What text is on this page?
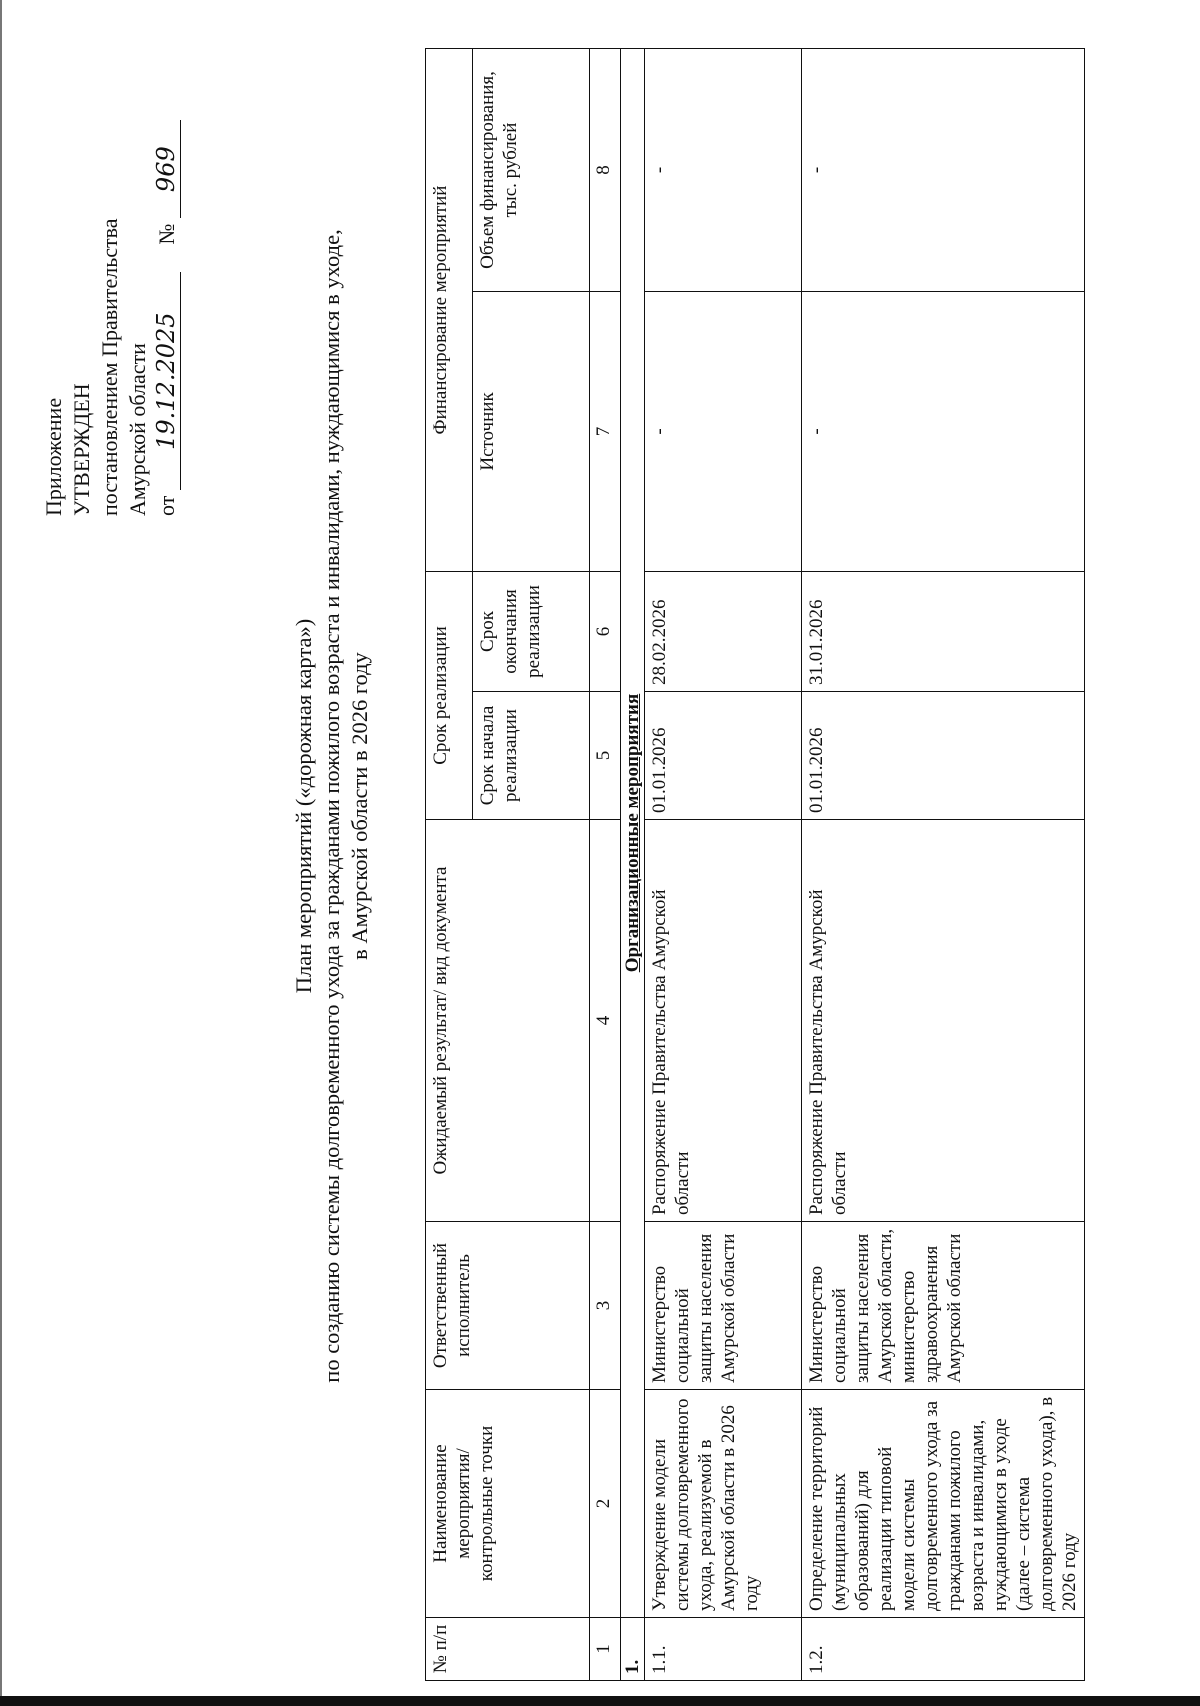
Приложение УТВЕРЖДЕН постановлением Правительства Амурской области от 19.12.2025     № 969
План мероприятий («дорожная карта») по созданию системы долговременного ухода за гражданами пожилого возраста и инвалидами, нуждающимися в уходе, в Амурской области в 2026 году
№ п/п	Наименование мероприятия/ контрольные точки	Ответственный исполнитель	Ожидаемый результат/ вид документа	Срок реализации		Финансирование мероприятий	
				Срок начала реализации	Срок окончания реализации	Источник	Объем финансирования, тыс. рублей
1	2	3	4	5	6	7	8
1.	Организационные мероприятия						
1.1.	Утверждение модели системы долговременного ухода, реализуемой в Амурской области в 2026 году	Министерство социальной защиты населения Амурской области	Распоряжение Правительства Амурской области	01.01.2026	28.02.2026	-	-
1.2.	Определение территорий (муниципальных образований) для реализации типовой модели системы долговременного ухода за гражданами пожилого возраста и инвалидами, нуждающимися в уходе (далее – система долговременного ухода), в 2026 году	Министерство социальной защиты населения Амурской области, министерство здравоохранения Амурской области	Распоряжение Правительства Амурской области	01.01.2026	31.01.2026	-	-
